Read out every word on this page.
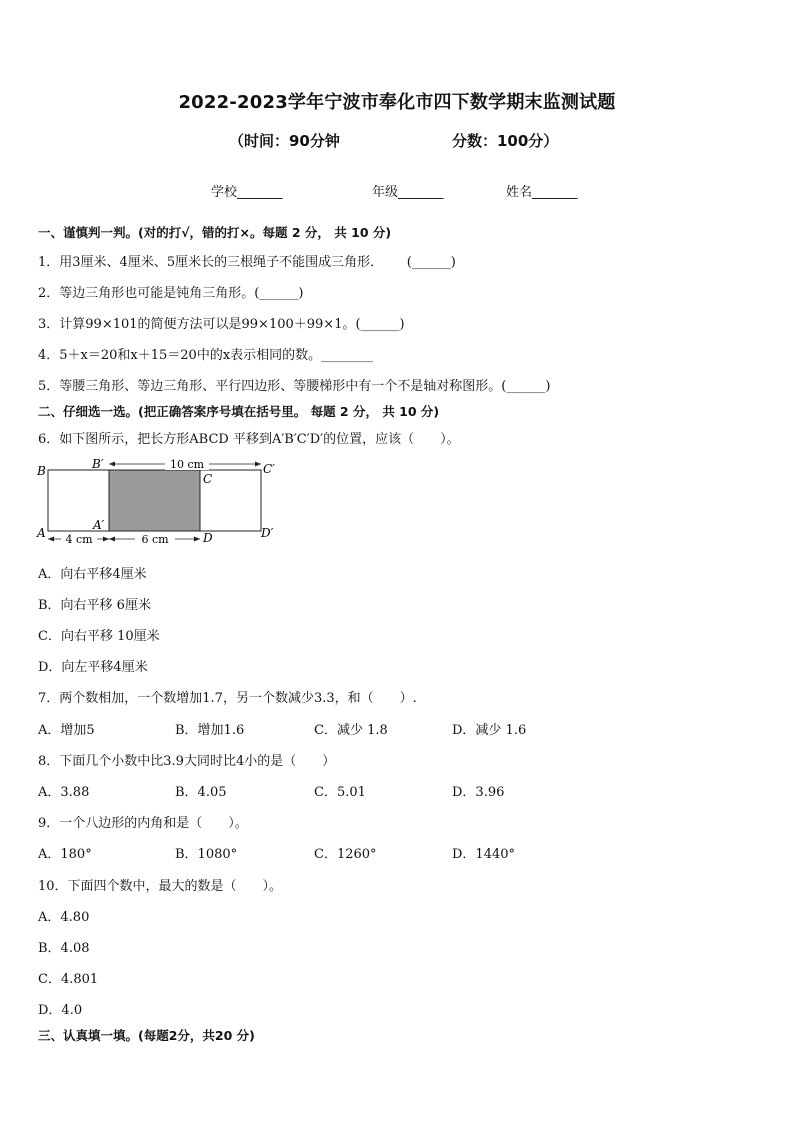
2022-2023学年宁波市奉化市四下数学期末监测试题
（时间：90分钟	分数：100分）
学校_______	年级_______	姓名_______
一、谨慎判一判。(对的打√，错的打×。每题 2 分， 共 10 分)
1．用3厘米、4厘米、5厘米长的三根绳子不能围成三角形．　　 (______)
2．等边三角形也可能是钝角三角形。(______)
3．计算99×101的简便方法可以是99×100＋99×1。(______)
4．5＋x＝20和x＋15＝20中的x表示相同的数。________
5．等腰三角形、等边三角形、平行四边形、等腰梯形中有一个不是轴对称图形。(______)
二、仔细选一选。(把正确答案序号填在括号里。 每题 2 分， 共 10 分)
6．如下图所示，把长方形ABCD 平移到A′B′C′D′的位置，应该（　　）。
10 cm
4 cm	6 cm
B	B′
C
C′
A
A′
D	D′
A．向右平移4厘米
B．向右平移 6厘米
C．向右平移 10厘米
D．向左平移4厘米
7．两个数相加，一个数增加1.7，另一个数减少3.3，和（　　）.
A．增加5	B．增加1.6	C．减少 1.8	D．减少 1.6
8．下面几个小数中比3.9大同时比4小的是（　　）
A．3.88	B．4.05	C．5.01	D．3.96
9．一个八边形的内角和是（　　）。
A．180°	B．1080°	C．1260°	D．1440°
10．下面四个数中，最大的数是（　　）。
A．4.80
B．4.08
C．4.801
D．4.0
三、认真填一填。(每题2分，共20 分)
